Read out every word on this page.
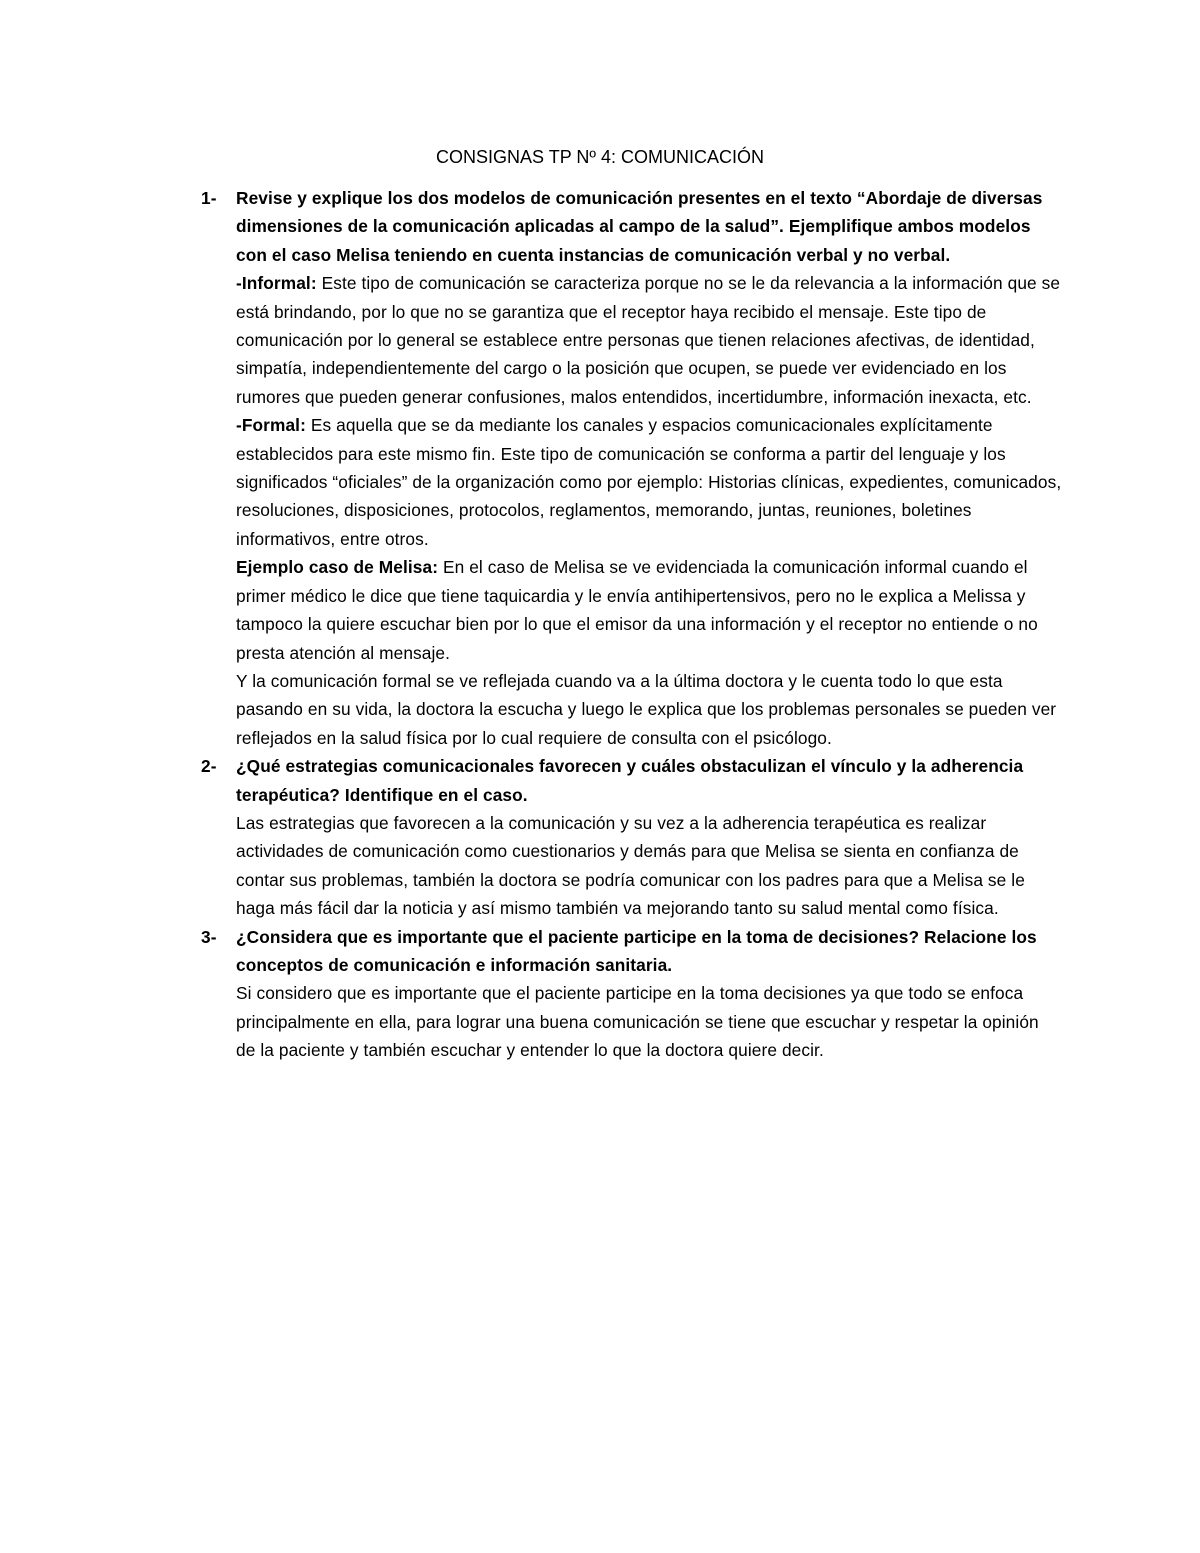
CONSIGNAS TP Nº 4: COMUNICACIÓN
1- Revise y explique los dos modelos de comunicación presentes en el texto “Abordaje de diversas dimensiones de la comunicación aplicadas al campo de la salud”. Ejemplifique ambos modelos con el caso Melisa teniendo en cuenta instancias de comunicación verbal y no verbal.

-Informal: Este tipo de comunicación se caracteriza porque no se le da relevancia a la información que se está brindando, por lo que no se garantiza que el receptor haya recibido el mensaje. Este tipo de comunicación por lo general se establece entre personas que tienen relaciones afectivas, de identidad, simpatía, independientemente del cargo o la posición que ocupen, se puede ver evidenciado en los rumores que pueden generar confusiones, malos entendidos, incertidumbre, información inexacta, etc.

-Formal: Es aquella que se da mediante los canales y espacios comunicacionales explícitamente establecidos para este mismo fin. Este tipo de comunicación se conforma a partir del lenguaje y los significados “oficiales” de la organización como por ejemplo: Historias clínicas, expedientes, comunicados, resoluciones, disposiciones, protocolos, reglamentos, memorando, juntas, reuniones, boletines informativos, entre otros.

Ejemplo caso de Melisa: En el caso de Melisa se ve evidenciada la comunicación informal cuando el primer médico le dice que tiene taquicardia y le envía antihipertensivos, pero no le explica a Melissa y tampoco la quiere escuchar bien por lo que el emisor da una información y el receptor no entiende o no presta atención al mensaje.

Y la comunicación formal se ve reflejada cuando va a la última doctora y le cuenta todo lo que esta pasando en su vida, la doctora la escucha y luego le explica que los problemas personales se pueden ver reflejados en la salud física por lo cual requiere de consulta con el psicólogo.

2- ¿Qué estrategias comunicacionales favorecen y cuáles obstaculizan el vínculo y la adherencia terapéutica? Identifique en el caso.

Las estrategias que favorecen a la comunicación y su vez a la adherencia terapéutica es realizar actividades de comunicación como cuestionarios y demás para que Melisa se sienta en confianza de contar sus problemas, también la doctora se podría comunicar con los padres para que a Melisa se le haga más fácil dar la noticia y así mismo también va mejorando tanto su salud mental como física.

3- ¿Considera que es importante que el paciente participe en la toma de decisiones? Relacione los conceptos de comunicación e información sanitaria.

Si considero que es importante que el paciente participe en la toma decisiones ya que todo se enfoca principalmente en ella, para lograr una buena comunicación se tiene que escuchar y respetar la opinión de la paciente y también escuchar y entender lo que la doctora quiere decir.
